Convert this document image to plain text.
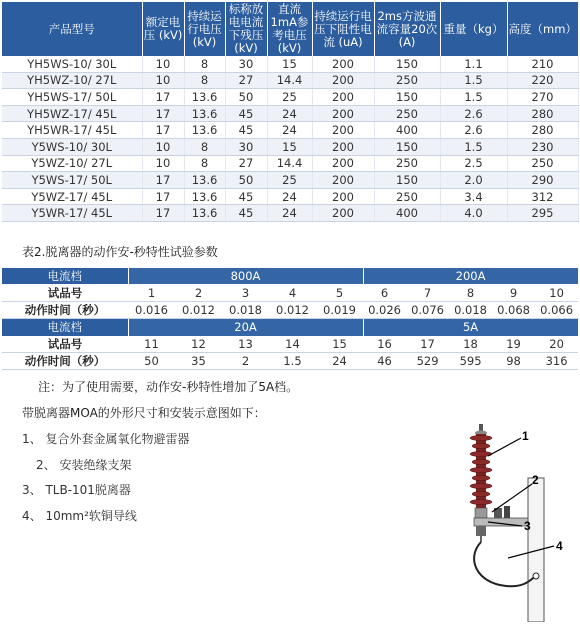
产品型号	额定电压 (kV)	持续运行电压 (kV)	标称放电电流下残压 (kV)	直流1mA参考电压 (kV)	持续运行电压下阻性电流 (uA)	2ms方波通流容量20次 (A)	重量（kg）	高度（mm）
YH5WS-10/ 30L	10	8	30	15	200	150	1.1	210
YH5WZ-10/ 27L	10	8	27	14.4	200	250	1.5	220
YH5WS-17/ 50L	17	13.6	50	25	200	150	1.5	270
YH5WZ-17/ 45L	17	13.6	45	24	200	250	2.6	280
YH5WR-17/ 45L	17	13.6	45	24	200	400	2.6	280
Y5WS-10/ 30L	10	8	30	15	200	150	1.5	230
Y5WZ-10/ 27L	10	8	27	14.4	200	250	2.5	250
Y5WS-17/ 50L	17	13.6	50	25	200	150	2.0	290
Y5WZ-17/ 45L	17	13.6	45	24	200	250	3.4	312
Y5WR-17/ 45L	17	13.6	45	24	200	400	4.0	295
表2.脱离器的动作安-秒特性试验参数
电流档	800A					200A				
试品号	1	2	3	4	5	6	7	8	9	10
动作时间（秒）	0.016	0.012	0.018	0.012	0.019	0.026	0.076	0.018	0.068	0.066
电流档	20A					5A				
试品号	11	12	13	14	15	16	17	18	19	20
动作时间（秒）	50	35	2	1.5	24	46	529	595	98	316
注：为了使用需要，动作安-秒特性增加了5A档。
带脱离器MOA的外形尺寸和安装示意图如下：
1、 复合外套金属氧化物避雷器
2、 安装绝缘支架
3、 TLB-101脱离器
4、 10mm²软铜导线
1
2
3
4
